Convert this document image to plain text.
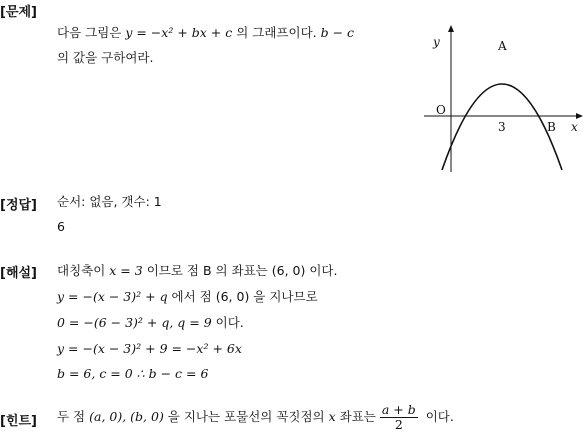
[문제]
다음 그림은 y = −x² + bx + c 의 그래프이다. b − c
의 값을 구하여라.
y
x
O
A
B
3
[정답] 순서: 없음, 갯수: 1
6
[해설] 대칭축이 x = 3 이므로 점 B 의 좌표는 (6, 0) 이다.
y = −(x − 3)² + q 에서 점 (6, 0) 을 지나므로
0 = −(6 − 3)² + q, q = 9 이다.
y = −(x − 3)² + 9 = −x² + 6x
b = 6, c = 0 ∴ b − c = 6
[힌트] 두 점 (a, 0), (b, 0) 을 지나는 포물선의 꼭짓점의 x 좌표는 $\frac{a + b}{2}$ 이다.
